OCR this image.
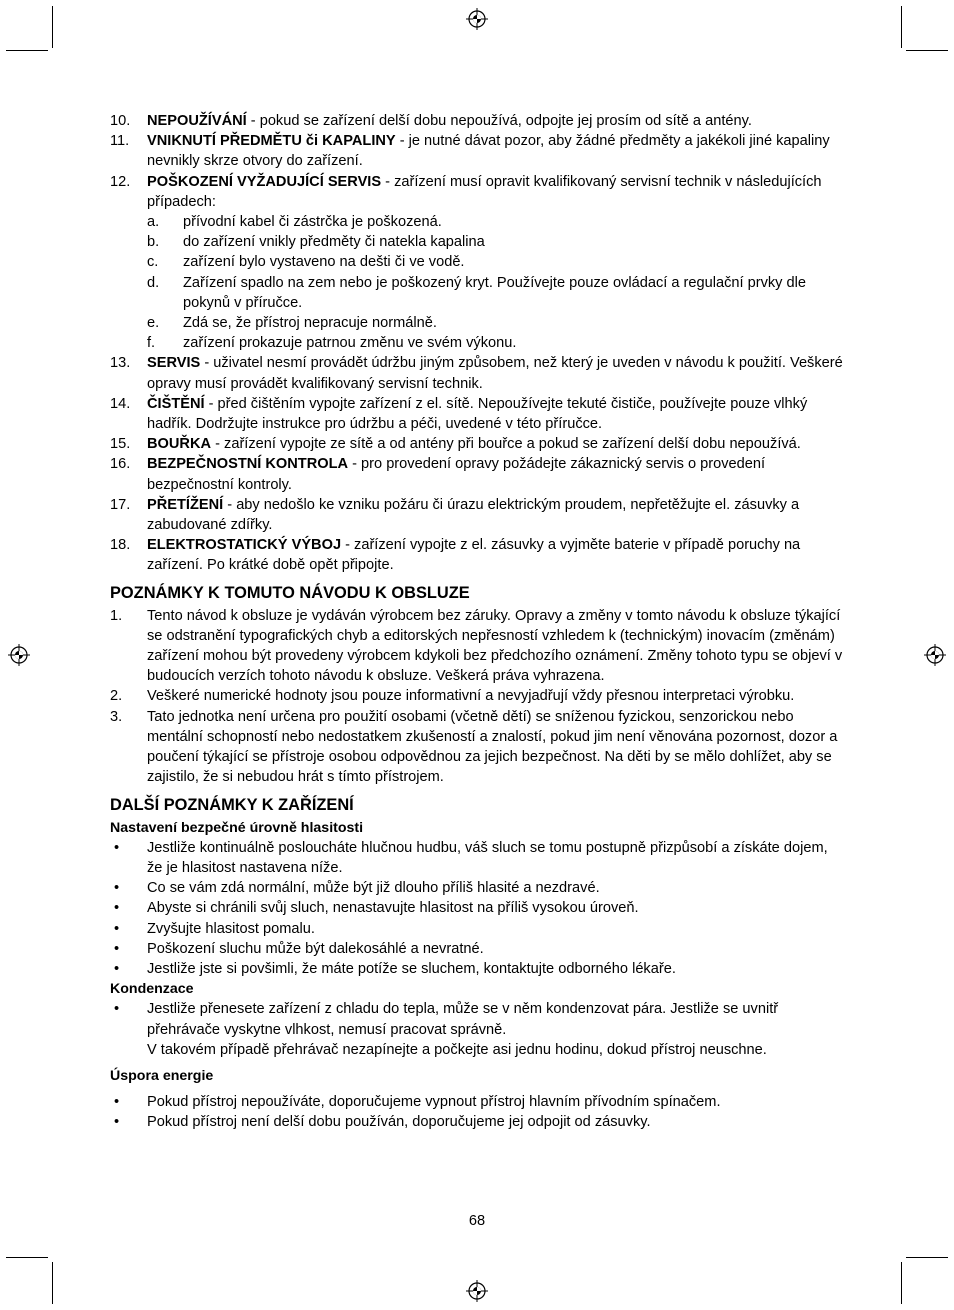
10. NEPOUŽÍVÁNÍ - pokud se zařízení delší dobu nepoužívá, odpojte jej prosím od sítě a antény.
11. VNIKNUTÍ PŘEDMĚTU či KAPALINY - je nutné dávat pozor, aby žádné předměty a jakékoli jiné kapaliny nevnikly skrze otvory do zařízení.
12. POŠKOZENÍ VYŽADUJÍCÍ SERVIS - zařízení musí opravit kvalifikovaný servisní technik v následujících případech:
a. přívodní kabel či zástrčka je poškozená.
b. do zařízení vnikly předměty či natekla kapalina
c. zařízení bylo vystaveno na dešti či ve vodě.
d. Zařízení spadlo na zem nebo je poškozený kryt. Používejte pouze ovládací a regulační prvky dle pokynů v příručce.
e. Zdá se, že přístroj nepracuje normálně.
f. zařízení prokazuje patrnou změnu ve svém výkonu.
13. SERVIS - uživatel nesmí provádět údržbu jiným způsobem, než který je uveden v návodu k použití. Veškeré opravy musí provádět kvalifikovaný servisní technik.
14. ČIŠTĚNÍ - před čištěním vypojte zařízení z el. sítě. Nepoužívejte tekuté čističe, používejte pouze vlhký hadřík. Dodržujte instrukce pro údržbu a péči, uvedené v této příručce.
15. BOUŘKA - zařízení vypojte ze sítě a od antény při bouřce a pokud se zařízení delší dobu nepoužívá.
16. BEZPEČNOSTNÍ KONTROLA - pro provedení opravy požádejte zákaznický servis o provedení bezpečnostní kontroly.
17. PŘETÍŽENÍ - aby nedošlo ke vzniku požáru či úrazu elektrickým proudem, nepřetěžujte el. zásuvky a zabudované zdířky.
18. ELEKTROSTATICKÝ VÝBOJ - zařízení vypojte z el. zásuvky a vyjměte baterie v případě poruchy na zařízení. Po krátké době opět připojte.
POZNÁMKY K TOMUTO NÁVODU K OBSLUZE
1. Tento návod k obsluze je vydáván výrobcem bez záruky. Opravy a změny v tomto návodu k obsluze týkající se odstranění typografických chyb a editorských nepřesností vzhledem k (technickým) inovacím (změnám) zařízení mohou být provedeny výrobcem kdykoli bez předchozího oznámení. Změny tohoto typu se objeví v budoucích verzích tohoto návodu k obsluze. Veškerá práva vyhrazena.
2. Veškeré numerické hodnoty jsou pouze informativní a nevyjadřují vždy přesnou interpretaci výrobku.
3. Tato jednotka není určena pro použití osobami (včetně dětí) se sníženou fyzickou, senzorickou nebo mentální schopností nebo nedostatkem zkušeností a znalostí, pokud jim není věnována pozornost, dozor a poučení týkající se přístroje osobou odpovědnou za jejich bezpečnost. Na děti by se mělo dohlížet, aby se zajistilo, že si nebudou hrát s tímto přístrojem.
DALŠÍ POZNÁMKY K ZAŘÍZENÍ
Nastavení bezpečné úrovně hlasitosti
• Jestliže kontinuálně posloucháte hlučnou hudbu, váš sluch se tomu postupně přizpůsobí a získáte dojem, že je hlasitost nastavena níže.
• Co se vám zdá normální, může být již dlouho příliš hlasité a nezdravé.
• Abyste si chránili svůj sluch, nenastavujte hlasitost na příliš vysokou úroveň.
• Zvyšujte hlasitost pomalu.
• Poškození sluchu může být dalekosáhlé a nevratné.
• Jestliže jste si povšimli, že máte potíže se sluchem, kontaktujte odborného lékaře.
Kondenzace
• Jestliže přenesete zařízení z chladu do tepla, může se v něm kondenzovat pára. Jestliže se uvnitř přehrávače vyskytne vlhkost, nemusí pracovat správně.
V takovém případě přehrávač nezapínejte a počkejte asi jednu hodinu, dokud přístroj neuschne.
Úspora energie
• Pokud přístroj nepoužíváte, doporučujeme vypnout přístroj hlavním přívodním spínačem.
• Pokud přístroj není delší dobu používán, doporučujeme jej odpojit od zásuvky.
68
